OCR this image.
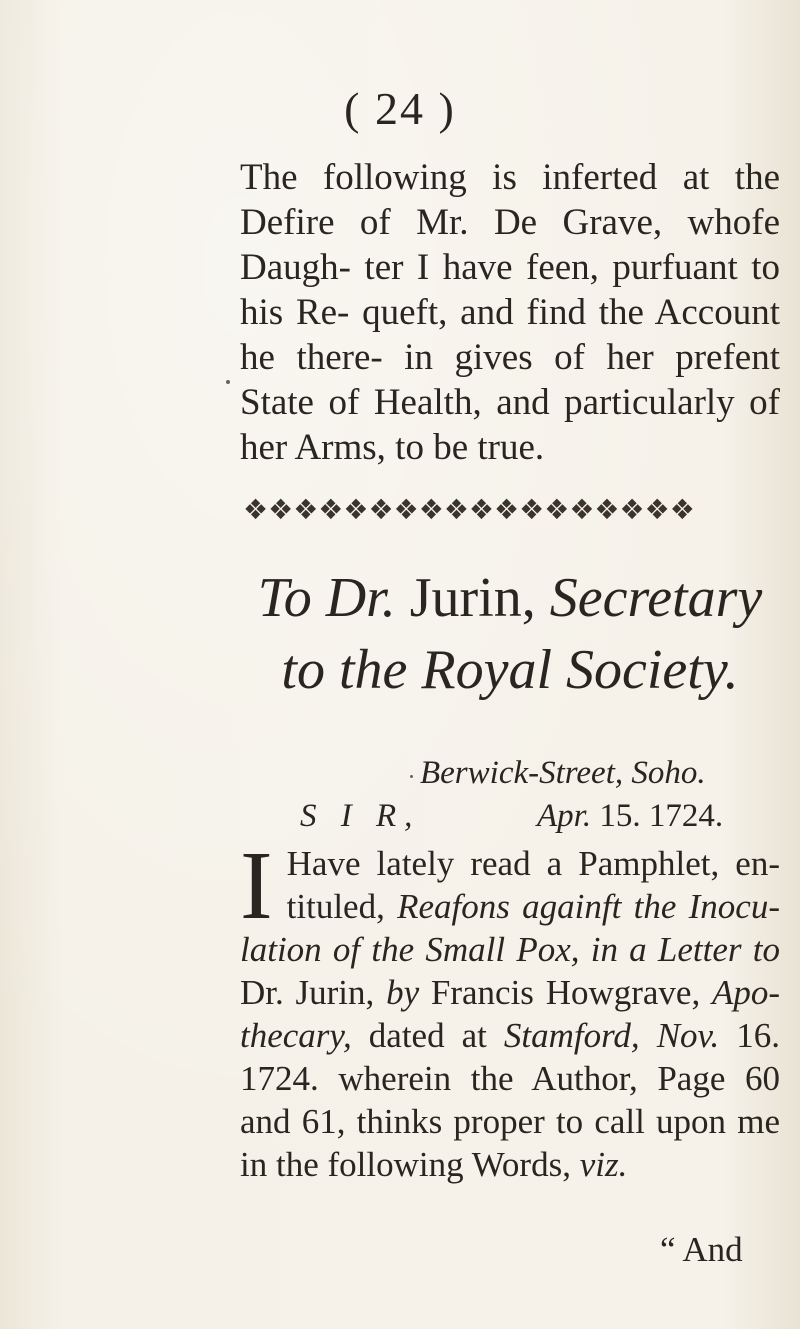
( 24 )

The following is inferted at the Defire of Mr. De Grave, whofe Daugh- ter I have feen, purfuant to his Re- queft, and find the Account he there- in gives of her prefent State of Health, and particularly of her Arms, to be true.

❖❖❖❖❖❖❖❖❖❖❖❖❖❖❖❖❖❖
To Dr. Jurin, Secretary
to the Royal Society.
Berwick-Street, Soho.
S I R,	Apr. 15. 1724.
I Have lately read a Pamphlet, en- tituled, Reafons againft the Inocu- lation of the Small Pox, in a Letter to Dr. Jurin, by Francis Howgrave, Apo- thecary, dated at Stamford, Nov. 16. 1724. wherein the Author, Page 60 and 61, thinks proper to call upon me in the following Words, viz.
“ And
